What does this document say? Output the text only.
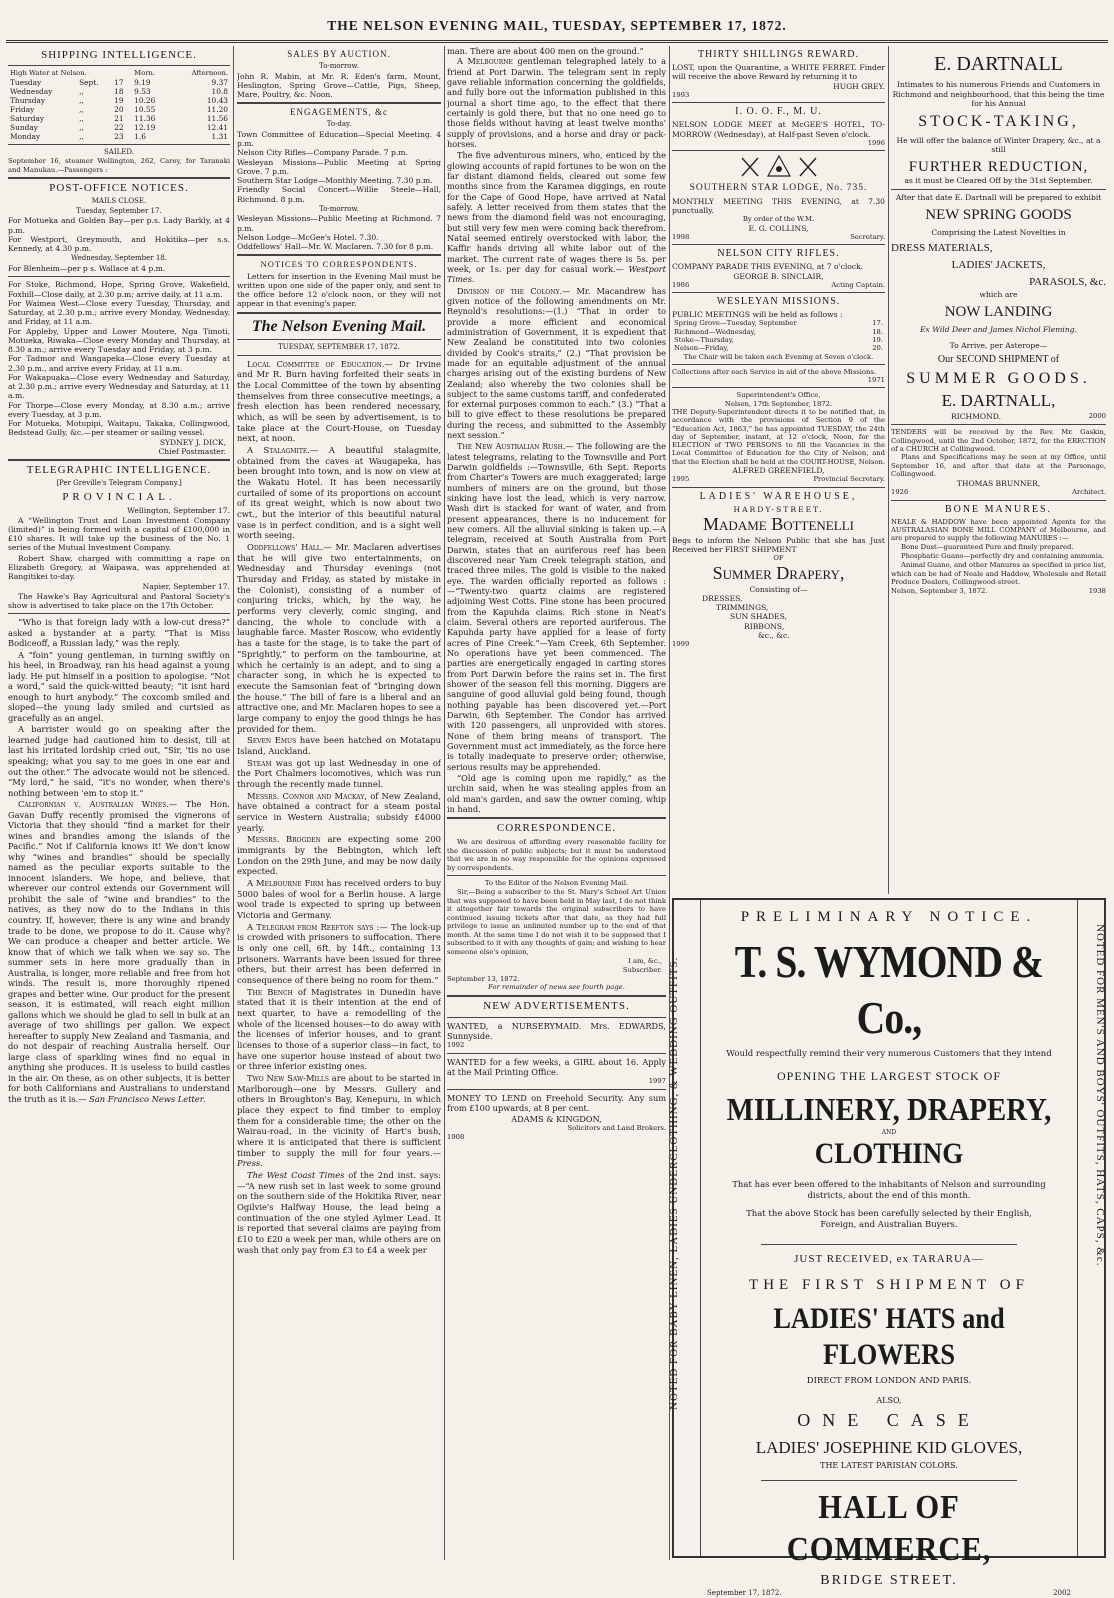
THE NELSON EVENING MAIL, TUESDAY, SEPTEMBER 17, 1872.
SHIPPING INTELLIGENCE.
High Water at Nelson.			Morn.	Afternoon.
Tuesday	Sept.	17	9.19	9.37
Wednesday	,,	18	9.53	10.8
Thursday	,,	19	10.26	10.43
Friday	,,	20	10.55	11.20
Saturday	,,	21	11.36	11.56
Sunday	,,	22	12.19	12.41
Monday	,,	23	1.6	1.31
SAILED.
September 16, steamer Wellington, 262, Carey, for Taranaki and Manukau.—Passengers :
POST-OFFICE NOTICES.
MAILS CLOSE.
Tuesday, September 17.
For Motueka and Golden Bay—per p.s. Lady Barkly, at 4 p.m.
For Westport, Greymouth, and Hokitika—per s.s. Kennedy, at 4.30 p.m.
Wednesday, September 18.
For Blenheim—per p s. Wallace at 4 p.m.
For Stoke, Richmond, Hope, Spring Grove, Wakefield, Foxhill—Close daily, at 2.30 p.m; arrive daily, at 11 a.m.
For Waimea West—Close every Tuesday, Thursday, and Saturday, at 2.30 p.m.; arrive every Monday, Wednesday, and Friday, at 11 a.m.
For Appleby, Upper and Lower Moutere, Nga Timoti, Motueka, Riwaka—Close every Monday and Thursday, at 8.30 a.m.; arrive every Tuesday and Friday, at 3 p.m.
For Tadmor and Wangapeka—Close every Tuesday at 2.30 p.m., and arrive every Friday, at 11 a.m.
For Wakapuaka—Close every Wednesday and Saturday, at 2.30 p.m.; arrive every Wednesday and Saturday, at 11 a.m.
For Thorpe—Close every Monday, at 8.30 a.m.; arrive every Tuesday, at 3 p.m.
For Motueka, Motupipi, Waitapu, Takaka, Collingwood, Bedstead Gully, &c.—per steamer or sailing vessel.
SYDNEY J. DICK,
Chief Postmaster.
TELEGRAPHIC INTELLIGENCE.
[Per Greville's Telegram Company.]
PROVINCIAL.
Wellington, September 17.
A “Wellington Trust and Loan Investment Company (limited)” is being formed with a capital of £100,000 in £10 shares. It will take up the business of the No. 1 series of the Mutual Investment Company.
Robert Shaw, charged with committing a rape on Elizabeth Gregory, at Waipawa, was apprehended at Rangitikei to-day.
Napier, September 17.
The Hawke's Bay Agricultural and Pastoral Society's show is advertised to take place on the 17th October.
“Who is that foreign lady with a low-cut dress?” asked a bystander at a party. “That is Miss Bodiceoff, a Russian lady,” was the reply.
A “foin” young gentleman, in turning swiftly on his heel, in Broadway, ran his head against a young lady. He put himself in a position to apologise. “Not a word,” said the quick-witted beauty; “it isnt hard enough to hurt anybody.” The coxcomb smiled and sloped—the young lady smiled and curtsied as gracefully as an angel.
A barrister would go on speaking after the learned judge had cautioned him to desist, till at last his irritated lordship cried out, “Sir, 'tis no use speaking; what you say to me goes in one ear and out the other.” The advocate would not be silenced. “My lord,” he said, “it's no wonder, when there's nothing between 'em to stop it.”
Californian v. Australian Wines.— The Hon. Gavan Duffy recently promised the vignerons of Victoria that they should “find a market for their wines and brandies among the islands of the Pacific.” Not if California knows it! We don't know why “wines and brandies” should be specially named as the peculiar exports suitable to the innocent islanders. We hope, and believe, that wherever our control extends our Government will prohibit the sale of “wine and brandies” to the natives, as they now do to the Indians in this country. If, however, there is any wine and brandy trade to be done, we propose to do it. Cause why? We can produce a cheaper and better article. We know that of which we talk when we say so. The summer sets in here more gradually than in Australia, is longer, more reliable and free from hot winds. The result is, more thoroughly ripened grapes and better wine. Our product for the present season, it is estimated, will reach eight million gallons which we should be glad to sell in bulk at an average of two shillings per gallon. We expect hereafter to supply New Zealand and Tasmania, and do not despair of reaching Australia herself. Our large class of sparkling wines find no equal in anything she produces. It is useless to build castles in the air. On these, as on other subjects, it is better for both Californians and Australians to understand the truth as it is.— San Francisco News Letter.
SALES BY AUCTION.
To-morrow.
John R. Mabin, at Mr. R. Eden's farm, Mount, Heslington, Spring Grove—Cattle, Pigs, Sheep, Mare, Poultry, &c. Noon.
ENGAGEMENTS, &c
To-day.
Town Committee of Education—Special Meeting. 4 p.m.
Nelson City Rifles—Company Parade. 7 p.m.
Wesleyan Missions—Public Meeting at Spring Grove. 7 p.m.
Southern Star Lodge—Monthly Meeting. 7.30 p.m.
Friendly Social Concert—Willie Steele—Hall, Richmond. 8 p.m.
To-morrow.
Wesleyan Missions—Public Meeting at Richmond. 7 p.m.
Nelson Lodge—McGee's Hotel. 7.30.
Oddfellows' Hall—Mr. W. Maclaren. 7.30 for 8 p.m.
NOTICES TO CORRESPONDENTS.
Letters for insertion in the Evening Mail must be written upon one side of the paper only, and sent to the office before 12 o'clock noon, or they will not appear in that evening's paper.
The Nelson Evening Mail.
TUESDAY, SEPTEMBER 17, 1872.
Local Committee of Education.— Dr Irvine and Mr R. Burn having forfeited their seats in the Local Committee of the town by absenting themselves from three consecutive meetings, a fresh election has been rendered necessary, which, as will be seen by advertisement, is to take place at the Court-House, on Tuesday next, at noon.
A Stalagmite.— A beautiful stalagmite, obtained from the caves at Waugapeka, has been brought into town, and is now on view at the Wakatu Hotel. It has been necessarily curtailed of some of its proportions on account of its great weight, which is now about two cwt., but the interior of this beautiful natural vase is in perfect condition, and is a sight well worth seeing.
Oddfellows' Hall.— Mr. Maclaren advertises that he will give two entertainments, on Wednesday and Thursday evenings (not Thursday and Friday, as stated by mistake in the Colonist), consisting of a number of conjuring tricks, which, by the way, he performs very cleverly, comic singing, and dancing, the whole to conclude with a laughable farce. Master Roscow, who evidently has a taste for the stage, is to take the part of “Sprightly,” to perform on the tambourine, at which he certainly is an adept, and to sing a character song, in which he is expected to execute the Samsonian feat of “bringing down the house.” The bill of fare is a liberal and an attractive one, and Mr. Maclaren hopes to see a large company to enjoy the good things he has provided for them.
Seven Emus have been hatched on Motatapu Island, Auckland.
Steam was got up last Wednesday in one of the Port Chalmers locomotives, which was run through the recently made tunnel.
Messrs. Connor and Mackay, of New Zealand, have obtained a contract for a steam postal service in Western Australia; subsidy £4000 yearly.
Messrs. Brogden are expecting some 200 immigrants by the Bebington, which left London on the 29th June, and may be now daily expected.
A Melbourne Firm has received orders to buy 5000 bales of wool for a Berlin house. A large wool trade is expected to spring up between Victoria and Germany.
A Telegram from Reefton says :— The lock-up is crowded with prisoners to suffocation. There is only one cell, 6ft. by 14ft., containing 13 prisoners. Warrants have been issued for three others, but their arrest has been deferred in consequence of there being no room for them.”
The Bench of Magistrates in Dunedin have stated that it is their intention at the end of next quarter, to have a remodelling of the whole of the licensed houses—to do away with the licenses of inferior houses, and to grant licenses to those of a superior class—in fact, to have one superior house instead of about two or three inferior existing ones.
Two New Saw-Mills are about to be started in Marlborough—one by Messrs. Gullery and others in Broughton's Bay, Kenepuru, in which place they expect to find timber to employ them for a considerable time; the other on the Wairau-road, in the vicinity of Hart's bush, where it is anticipated that there is sufficient timber to supply the mill for four years.— Press.
The West Coast Times of the 2nd inst. says:—“A new rush set in last week to some ground on the southern side of the Hokitika River, near Ogilvie's Halfway House, the lead being a continuation of the one styled Aylmer Lead. It is reported that several claims are paying from £10 to £20 a week per man, while others are on wash that only pay from £3 to £4 a week per
man. There are about 400 men on the ground.”
A Melbourne gentleman telegraphed lately to a friend at Port Darwin. The telegram sent in reply gave reliable information concerning the goldfields, and fully bore out the information published in this journal a short time ago, to the effect that there certainly is gold there, but that no one need go to those fields without having at least twelve months' supply of provisions, and a horse and dray or pack-horses.
The five adventurous miners, who, enticed by the glowing accounts of rapid fortunes to be won on the far distant diamond fields, cleared out some few months since from the Karamea diggings, en route for the Cape of Good Hope, have arrived at Natal safely. A letter received from them states that the news from the diamond field was not encouraging, but still very few men were coming back therefrom. Natal seemed entirely overstocked with labor, the Kaffir hands driving all white labor out of the market. The current rate of wages there is 5s. per week, or 1s. per day for casual work.— Westport Times.
Division of the Colony.— Mr. Macandrew has given notice of the following amendments on Mr. Reynold's resolutions:—(1.) “That in order to provide a more efficient and economical administration of Government, it is expedient that New Zealand be constituted into two colonies divided by Cook's straits,” (2.) “That provision be made for an equitable adjustment of the annual charges arising out of the existing burdens of New Zealand; also whereby the two colonies shall be subject to the same customs tariff, and confederated for external purposes common to each.” (3.) “That a bill to give effect to these resolutions be prepared during the recess, and submitted to the Assembly next session.”
The New Australian Rush.— The following are the latest telegrams, relating to the Townsville and Port Darwin goldfields :—Townsville, 6th Sept. Reports from Charter's Towers are much exaggerated; large numbers of miners are on the ground, but those sinking have lost the lead, which is very narrow. Wash dirt is stacked for want of water, and from present appearances, there is no inducement for new comers. All the alluvial sinking is taken up.—A telegram, received at South Australia from Port Darwin, states that an auriferous reef has been discovered near Yam Creek telegraph station, and traced three miles. The gold is visible to the naked eye. The warden officially reported as follows :—“Twenty-two quartz claims are registered adjoining West Cotts. Fine stone has been procured from the Kapuhda claims. Rich stone in Neat's claim. Several others are reported auriferous. The Kapuhda party have applied for a lease of forty acres of Pine Creek.”—Yam Creek, 6th September. No operations have yet been commenced. The parties are energetically engaged in carting stores from Port Darwin before the rains set in. The first shower of the season fell this morning. Diggers are sanguine of good alluvial gold being found, though nothing payable has been discovered yet.—Port Darwin, 6th September. The Condor has arrived with 120 passengers, all unprovided with stores. None of them bring means of transport. The Government must act immediately, as the force here is totally inadequate to preserve order; otherwise, serious results may be apprehended.
“Old age is coming upon me rapidly,” as the urchin said, when he was stealing apples from an old man's garden, and saw the owner coming, whip in hand.
CORRESPONDENCE.
We are desirous of affording every reasonable facility for the discussion of public subjects; but it must be understood that we are in no way responsible for the opinions expressed by correspondents.
To the Editor of the Nelson Evening Mail.
Sir,—Being a subscriber to the St. Mary's School Art Union that was supposed to have been held in May last, I do not think it altogether fair towards the original subscribers to have continued issuing tickets after that date, as they had full privilege to issue an unlimited number up to the end of that month. At the same time I do not wish it to be supposed that I subscribed to it with any thoughts of gain; and wishing to hear someone else's opinion,
I am, &c.,
Subscriber.
September 13, 1872.
For remainder of news see fourth page.
NEW ADVERTISEMENTS.
WANTED, a NURSERYMAID. Mrs. EDWARDS, Sunnyside.
1992
WANTED for a few weeks, a GIRL about 16. Apply at the Mail Printing Office.
1997
MONEY TO LEND on Freehold Security. Any sum from £100 upwards, at 8 per cent.
ADAMS & KINGDON,
Solicitors and Land Brokers.
1908
THIRTY SHILLINGS REWARD.
LOST, upon the Quarantine, a WHITE FERRET. Finder will receive the above Reward by returning it to
HUGH GREY.
1993
I. O. O. F., M. U.
NELSON LODGE MEET at McGEE'S HOTEL, TO-MORROW (Wednesday), at Half-past Seven o'clock.
1996
SOUTHERN STAR LODGE, No. 735.
MONTHLY MEETING THIS EVENING, at 7.30 punctually.
By order of the W.M.
E. G. COLLINS,
1998	Secretary.
NELSON CITY RIFLES.
COMPANY PARADE THIS EVENING, at 7 o'clock.
GEORGE B. SINCLAIR,
1986	Acting Captain.
WESLEYAN MISSIONS.
PUBLIC MEETINGS will be held as follows :
Spring Grove—Tuesday, September	17.
Richmond—Wednesday,	18.
Stoke—Thursday,	19.
Nelson—Friday,	20.
The Chair will be taken each Evening at Seven o'clock.
Collections after each Service in aid of the above Missions.
1971
Superintendent's Office,
Nelson, 17th September, 1872.
THE Deputy-Superintendent directs it to be notified that, in accordance with the provisions of Section 9 of the “Education Act, 1863,” he has appointed TUESDAY, the 24th day of September, instant, at 12 o'clock, Noon, for the ELECTION of TWO PERSONS to fill the Vacancies in the Local Committee of Education for the City of Nelson, and that the Election shall be held at the COURT-HOUSE, Nelson.
ALFRED GREENFIELD,
1995	Provincial Secretary.
LADIES' WAREHOUSE,
HARDY-STREET.
Madame Bottenelli
Begs to inform the Nelson Public that she has Just Received her FIRST SHIPMENT
OF
Summer Drapery,
Consisting of—
DRESSES,
TRIMMINGS,
SUN SHADES,
RIBBONS,
&c., &c.
1999
E. DARTNALL
Intimates to his numerous Friends and Customers in Richmond and neighbourhood, that this being the time for his Annual
STOCK-TAKING,
He will offer the balance of Winter Drapery, &c., at a still
FURTHER REDUCTION,
as it must be Cleared Off by the 31st September.
After that date E. Dartnall will be prepared to exhibit
NEW SPRING GOODS
Comprising the Latest Novelties in
DRESS MATERIALS,
LADIES' JACKETS,
PARASOLS, &c.
which are
NOW LANDING
Ex Wild Deer and James Nichol Fleming.
To Arrive, per Asterope—
Our SECOND SHIPMENT of
SUMMER GOODS.
E. DARTNALL,
RICHMOND.	2000
TENDERS will be received by the Rev. Mr. Gaskin, Collingwood, until the 2nd October, 1872, for the ERECTION of a CHURCH at Collingwood.
Plans and Specifications may be seen at my Office, until September 16, and after that date at the Parsonage, Collingwood.
THOMAS BRUNNER,
1926	Architect.
BONE MANURES.
NEALE & HADDOW have been appointed Agents for the AUSTRALASIAN BONE MILL COMPANY of Melbourne, and are prepared to supply the following MANURES :—
Bone Dust—guaranteed Pure and finely prepared.
Phosphatic Guano—perfectly dry and containing ammonia.
Animal Guano, and other Manures as specified in price list, which can be had of Neale and Haddow, Wholesale and Retail Produce Dealers, Collingwood-street.
Nelson, September 3, 1872.	1938
NOTED FOR BABY LINEN, LADIES UNDERCLOTHING, & WEDDING OUTFITS.	NOTED FOR MEN'S AND BOYS' OUTFITS, HATS, CAPS, &c.
PRELIMINARY NOTICE.
T. S. WYMOND & Co.,
Would respectfully remind their very numerous Customers that they intend
OPENING THE LARGEST STOCK OF
MILLINERY, DRAPERY,
AND
CLOTHING
That has ever been offered to the inhabitants of Nelson and surrounding districts, about the end of this month.
That the above Stock has been carefully selected by their English, Foreign, and Australian Buyers.
JUST RECEIVED, ex TARARUA—
THE FIRST SHIPMENT OF
LADIES' HATS and FLOWERS
DIRECT FROM LONDON AND PARIS.
ALSO,
ONE CASE
LADIES' JOSEPHINE KID GLOVES,
THE LATEST PARISIAN COLORS.
HALL OF COMMERCE,
BRIDGE STREET.
September 17, 1872.	2002
